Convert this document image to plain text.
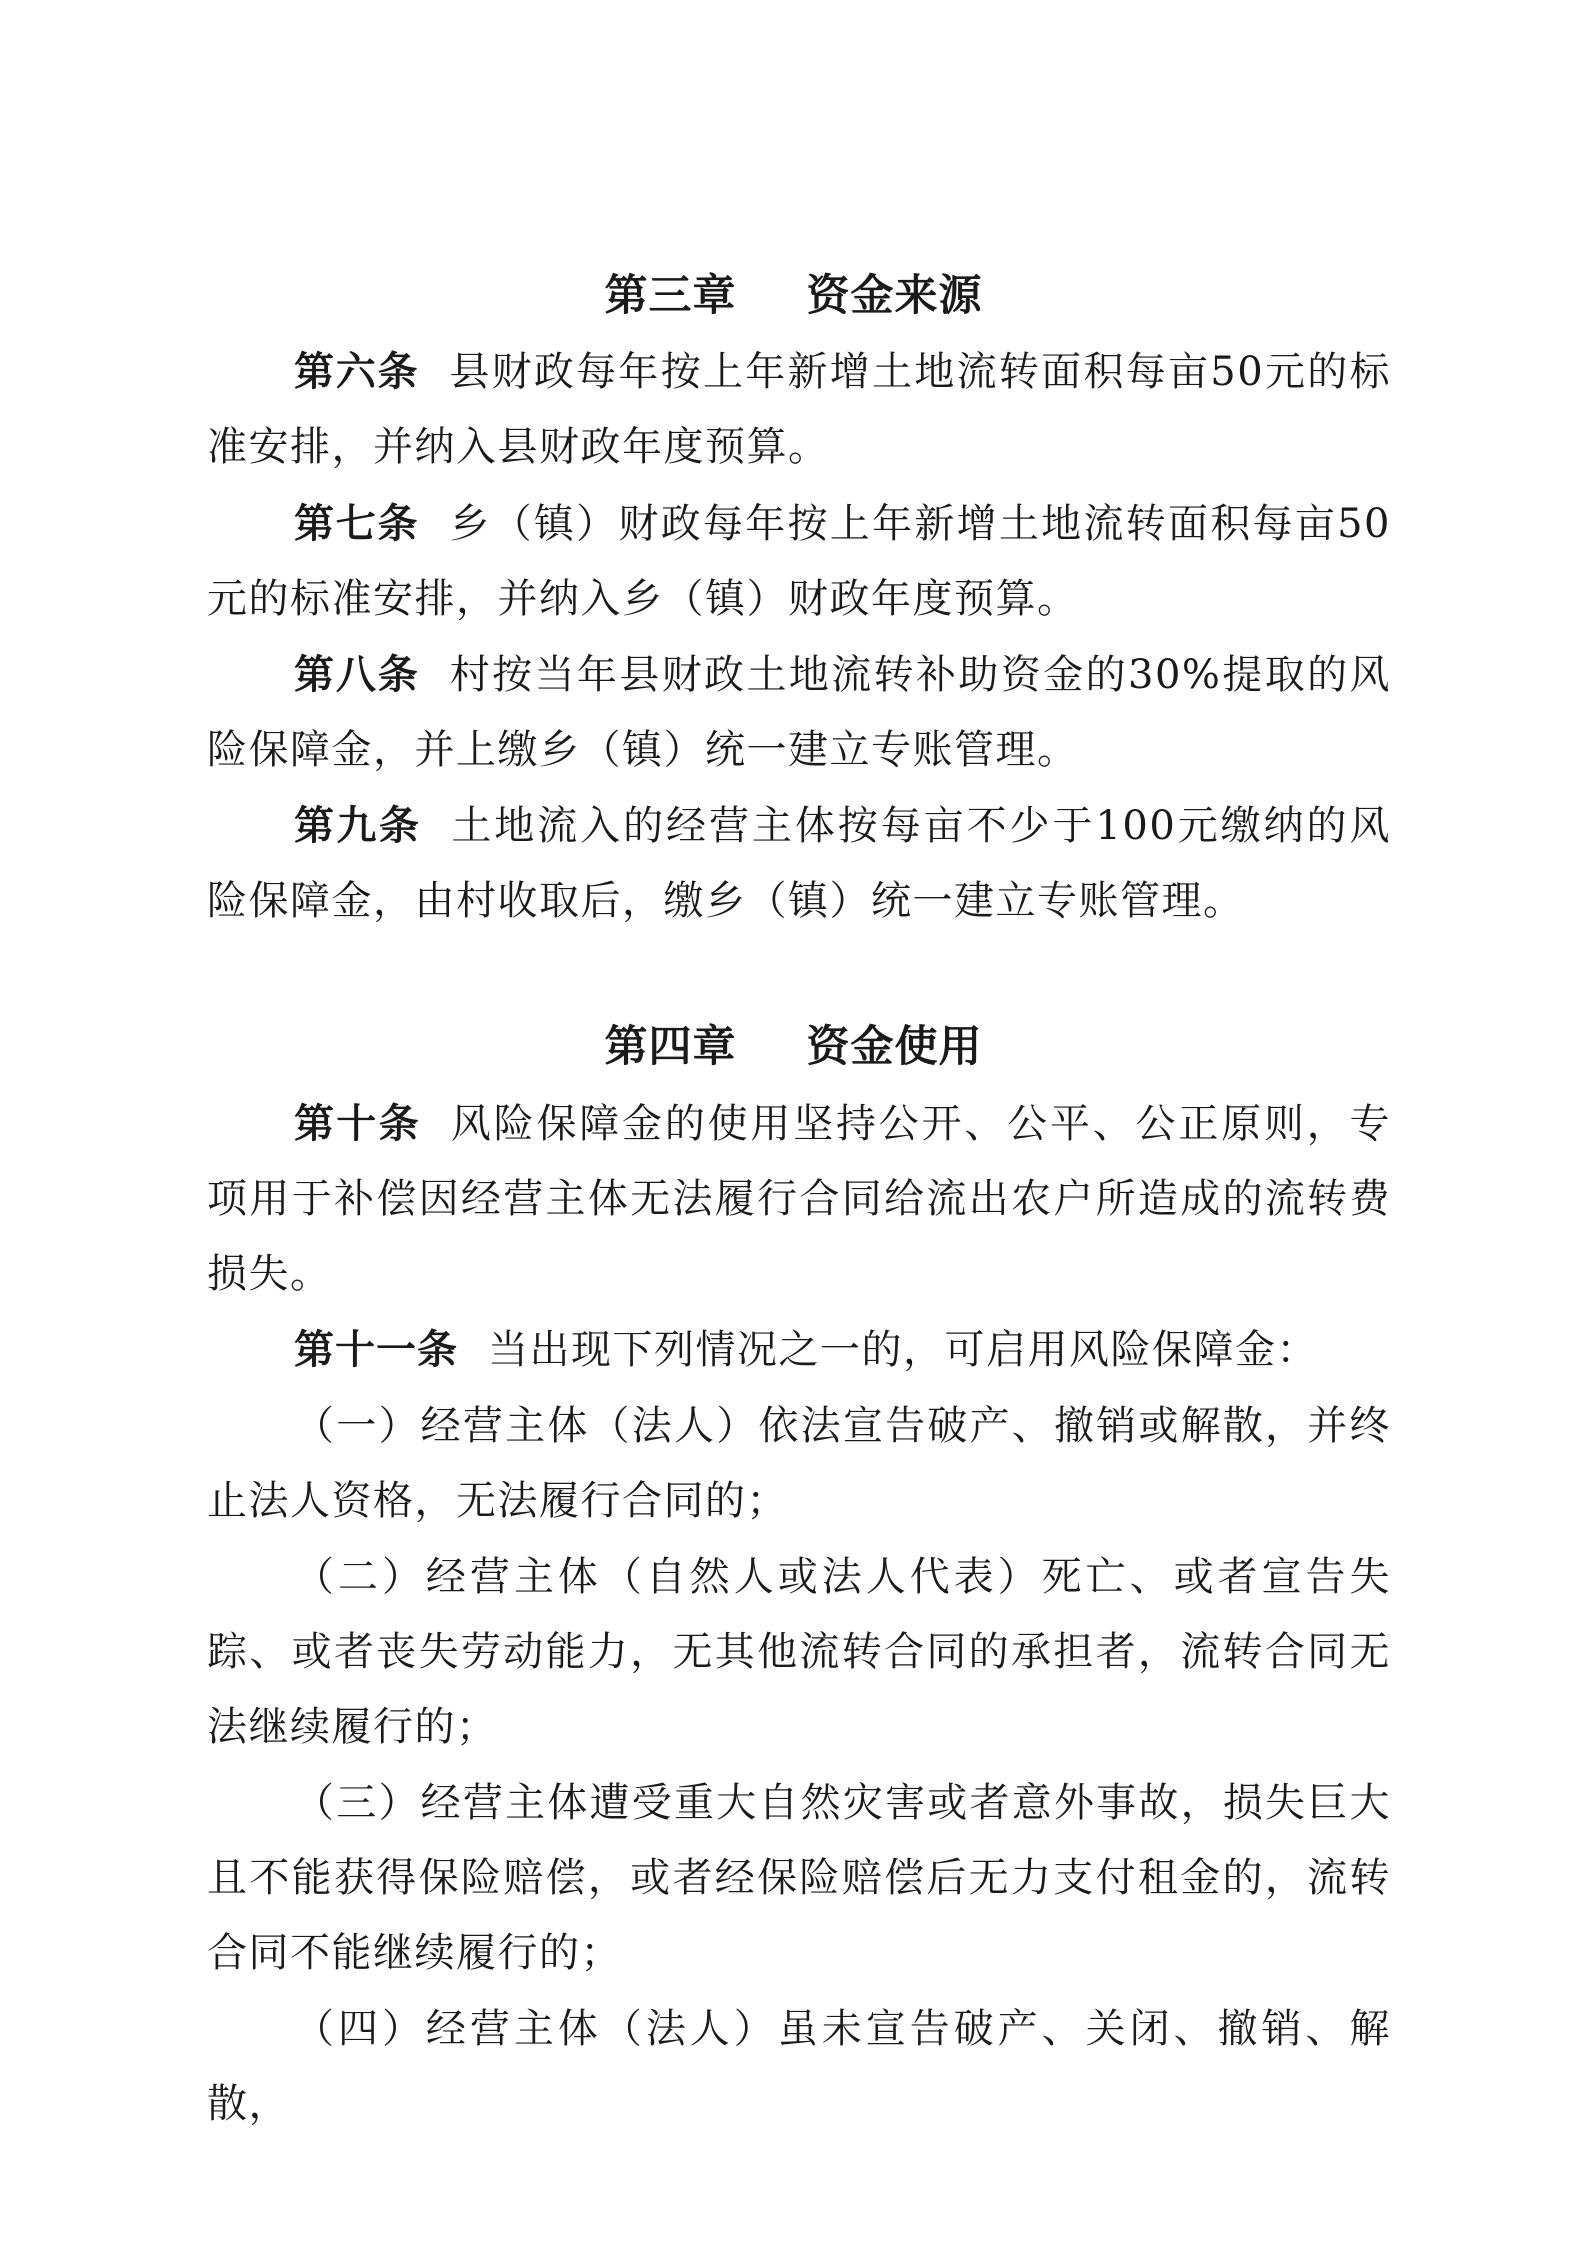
第三章 资金来源
第六条 县财政每年按上年新增土地流转面积每亩50元的标准安排，并纳入县财政年度预算。
第七条 乡（镇）财政每年按上年新增土地流转面积每亩50元的标准安排，并纳入乡（镇）财政年度预算。
第八条 村按当年县财政土地流转补助资金的30%提取的风险保障金，并上缴乡（镇）统一建立专账管理。
第九条 土地流入的经营主体按每亩不少于100元缴纳的风险保障金，由村收取后，缴乡（镇）统一建立专账管理。
第四章 资金使用
第十条 风险保障金的使用坚持公开、公平、公正原则，专项用于补偿因经营主体无法履行合同给流出农户所造成的流转费损失。
第十一条 当出现下列情况之一的，可启用风险保障金：
（一）经营主体（法人）依法宣告破产、撤销或解散，并终止法人资格，无法履行合同的；
（二）经营主体（自然人或法人代表）死亡、或者宣告失踪、或者丧失劳动能力，无其他流转合同的承担者，流转合同无法继续履行的；
（三）经营主体遭受重大自然灾害或者意外事故，损失巨大且不能获得保险赔偿，或者经保险赔偿后无力支付租金的，流转合同不能继续履行的；
（四）经营主体（法人）虽未宣告破产、关闭、撤销、解散，
